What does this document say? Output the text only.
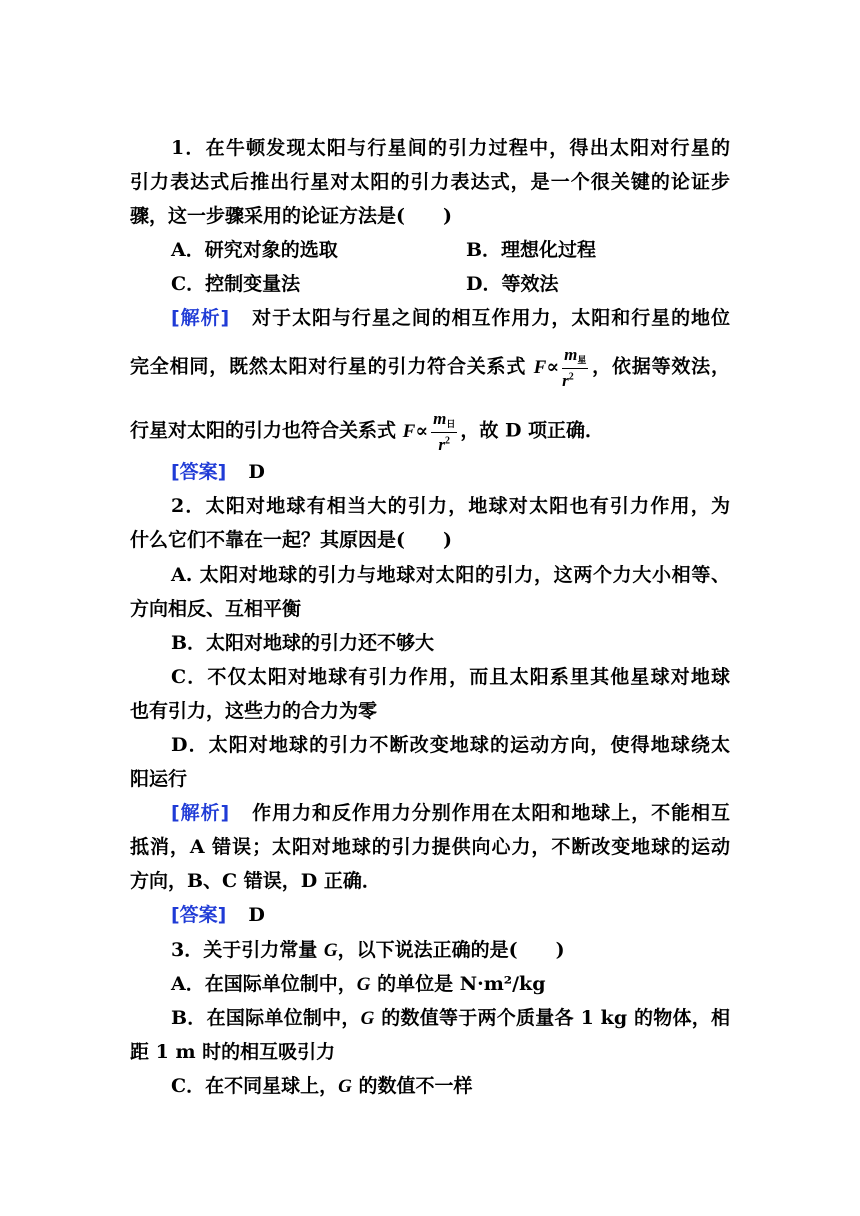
1．在牛顿发现太阳与行星间的引力过程中，得出太阳对行星的
引力表达式后推出行星对太阳的引力表达式，是一个很关键的论证步
骤，这一步骤采用的论证方法是(　　)
A．研究对象的选取	B．理想化过程
C．控制变量法	D．等效法
[解析] 对于太阳与行星之间的相互作用力，太阳和行星的地位
完全相同，既然太阳对行星的引力符合关系式 $F\propto \frac{m_星}{r^2}$ ，依据等效法，
行星对太阳的引力也符合关系式 $F\propto \frac{m_日}{r^2}$ ，故 D 项正确．
[答案] D
2．太阳对地球有相当大的引力，地球对太阳也有引力作用，为
什么它们不靠在一起？其原因是(　　)
A. 太阳对地球的引力与地球对太阳的引力，这两个力大小相等、
方向相反、互相平衡
B．太阳对地球的引力还不够大
C．不仅太阳对地球有引力作用，而且太阳系里其他星球对地球
也有引力，这些力的合力为零
D．太阳对地球的引力不断改变地球的运动方向，使得地球绕太
阳运行
[解析] 作用力和反作用力分别作用在太阳和地球上，不能相互
抵消，A 错误；太阳对地球的引力提供向心力，不断改变地球的运动
方向，B、C 错误，D 正确．
[答案] D
3．关于引力常量 G，以下说法正确的是(　　)
A．在国际单位制中，G 的单位是 N·m²/kg
B．在国际单位制中，G 的数值等于两个质量各 1 kg 的物体，相
距 1 m 时的相互吸引力
C．在不同星球上，G 的数值不一样
